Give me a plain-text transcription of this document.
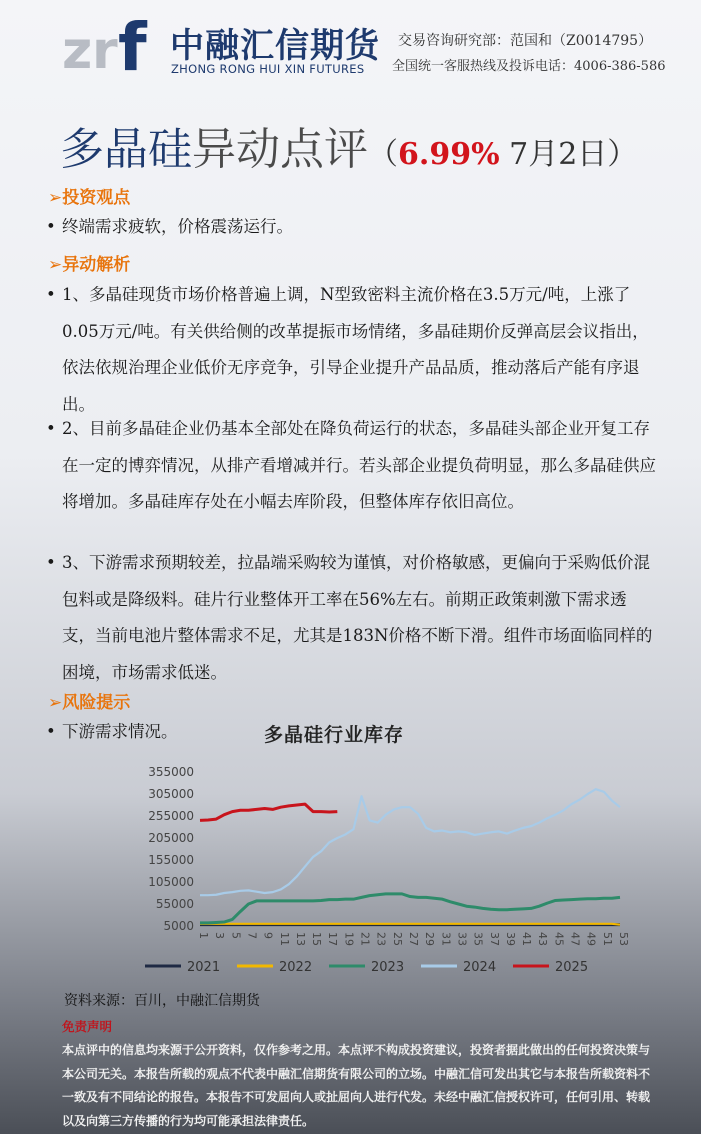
z r f 中融汇信期货
ZHONG RONG HUI XIN FUTURES
交易咨询研究部：范国和（Z0014795）
全国统一客服热线及投诉电话：4006-386-586
多晶硅异动点评（6.99% 7月2日）
➢投资观点
• 终端需求疲软，价格震荡运行。
➢异动解析
• 1、多晶硅现货市场价格普遍上调，N型致密料主流价格在3.5万元/吨，上涨了0.05万元/吨。有关供给侧的改革提振市场情绪，多晶硅期价反弹高层会议指出，依法依规治理企业低价无序竞争，引导企业提升产品品质，推动落后产能有序退出。
• 2、目前多晶硅企业仍基本全部处在降负荷运行的状态，多晶硅头部企业开复工存在一定的博弈情况，从排产看增减并行。若头部企业提负荷明显，那么多晶硅供应将增加。多晶硅库存处在小幅去库阶段，但整体库存依旧高位。
• 3、下游需求预期较差，拉晶端采购较为谨慎，对价格敏感，更偏向于采购低价混包料或是降级料。硅片行业整体开工率在56%左右。前期正政策刺激下需求透支，当前电池片整体需求不足，尤其是183N价格不断下滑。组件市场面临同样的困境，市场需求低迷。
➢风险提示
• 下游需求情况。	多晶硅行业库存
5000
55000
105000
155000
205000
255000
305000
355000
1 3 5 7 9 11 13 15 17 19 21 23 25 27 29 31 33 35 37 39 41 43 45 47 49 51 53
2021	2022	2023	2024	2025
资料来源：百川，中融汇信期货
免责声明
本点评中的信息均来源于公开资料，仅作参考之用。本点评不构成投资建议，投资者据此做出的任何投资决策与本公司无关。本报告所载的观点不代表中融汇信期货有限公司的立场。中融汇信可发出其它与本报告所载资料不一致及有不同结论的报告。本报告不可发屈向人或扯屈向人进行代发。未经中融汇信授权许可，任何引用、转载以及向第三方传播的行为均可能承担法律责任。
